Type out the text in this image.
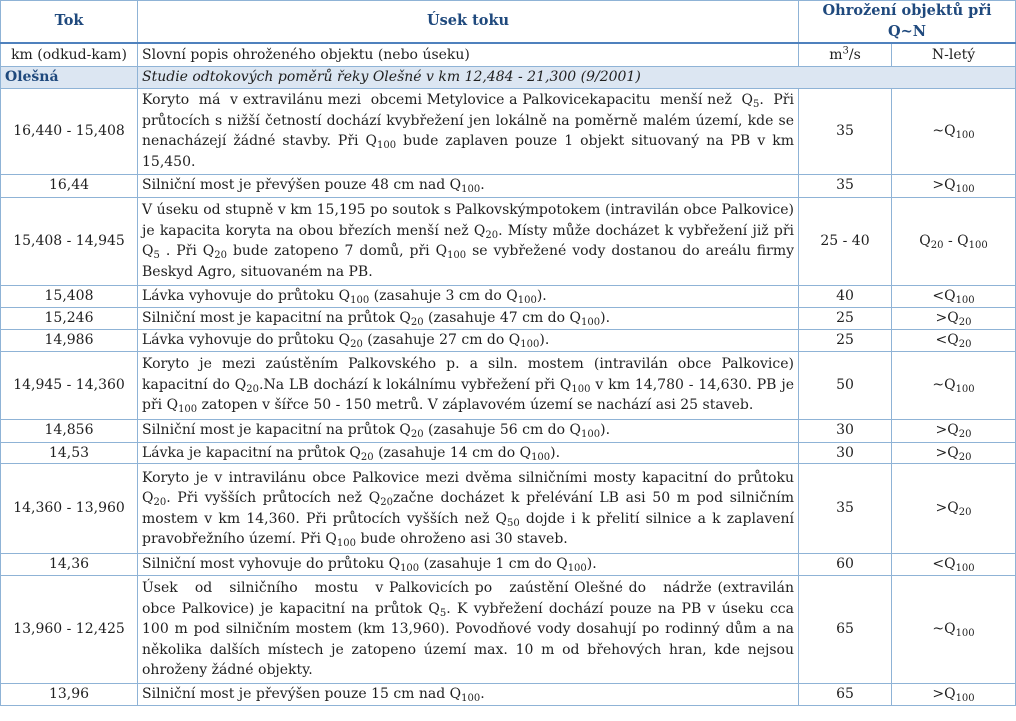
Tok	Úsek toku	Ohrožení objektů při Q~N	
km (odkud-kam)	Slovní popis ohroženého objektu (nebo úseku)	$m^3/s$	N-letý
Olešná	Studie odtokových poměrů řeky Olešné v km 12,484 - 21,300 (9/2001)		
16,440 - 15,408	Koryto  má  v extravilánu mezi  obcemi Metylovice a Palkovicekapacitu  menší než  $Q_5$.  Při průtocích s nižší četností dochází kvybřežení jen lokálně na poměrně malém území, kde se nenacházejí žádné stavby. Při $Q_{100}$ bude zaplaven pouze 1 objekt situovaný na PB v km 15,450.	35	$\sim Q_{100}$
16,44	Silniční most je převýšen pouze 48 cm nad $Q_{100}$.	35	$>Q_{100}$
15,408 - 14,945	V úseku od stupně v km 15,195 po soutok s Palkovskýmpotokem (intravilán obce Palkovice) je kapacita koryta na obou březích menší než $Q_{20}$. Místy může docházet k vybřežení již při $Q_5$ . Při $Q_{20}$ bude zatopeno 7 domů, při $Q_{100}$ se vybřežené vody dostanou do areálu firmy Beskyd Agro, situovaném na PB.	25 - 40	$Q_{20} - Q_{100}$
15,408	Lávka vyhovuje do průtoku $Q_{100}$ (zasahuje 3 cm do $Q_{100}$).	40	$<Q_{100}$
15,246	Silniční most je kapacitní na průtok $Q_{20}$ (zasahuje 47 cm do $Q_{100}$).	25	$>Q_{20}$
14,986	Lávka vyhovuje do průtoku $Q_{20}$ (zasahuje 27 cm do $Q_{100}$).	25	$<Q_{20}$
14,945 - 14,360	Koryto je mezi zaústěním Palkovského p. a siln. mostem (intravilán obce Palkovice) kapacitní do $Q_{20}.Na$ LB dochází k lokálnímu vybřežení při $Q_{100}$ v km 14,780 - 14,630. PB je při $Q_{100}$ zatopen v šířce 50 - 150 metrů. V záplavovém území se nachází asi 25 staveb.	50	$\sim Q_{100}$
14,856	Silniční most je kapacitní na průtok $Q_{20}$ (zasahuje 56 cm do $Q_{100}$).	30	$>Q_{20}$
14,53	Lávka je kapacitní na průtok $Q_{20}$ (zasahuje 14 cm do $Q_{100}$).	30	$>Q_{20}$
14,360 - 13,960	Koryto je v intravilánu obce Palkovice mezi dvěma silničními mosty kapacitní do průtoku $Q_{20}$. Při vyšších průtocích než $Q_{20}začne$ docházet k přelévání LB asi 50 m pod silničním mostem v km 14,360. Při průtocích vyšších než $Q_{50}$ dojde i k přelití silnice a k zaplavení pravobřežního území. Při $Q_{100}$ bude ohroženo asi 30 staveb.	35	$>Q_{20}$
14,36	Silniční most vyhovuje do průtoku $Q_{100}$ (zasahuje 1 cm do $Q_{100}$).	60	$<Q_{100}$
13,960 - 12,425	Úsek   od   silničního   mostu   v Palkovicích po   zaústění Olešné do   nádrže (extravilán obce Palkovice) je kapacitní na průtok $Q_5$. K vybřežení dochází pouze na PB v úseku cca 100 m pod silničním mostem (km 13,960). Povodňové vody dosahují po rodinný dům a na několika dalších místech je zatopeno území max. 10 m od břehových hran, kde nejsou ohroženy žádné objekty.	65	$\sim Q_{100}$
13,96	Silniční most je převýšen pouze 15 cm nad $Q_{100}$.	65	$>Q_{100}$
